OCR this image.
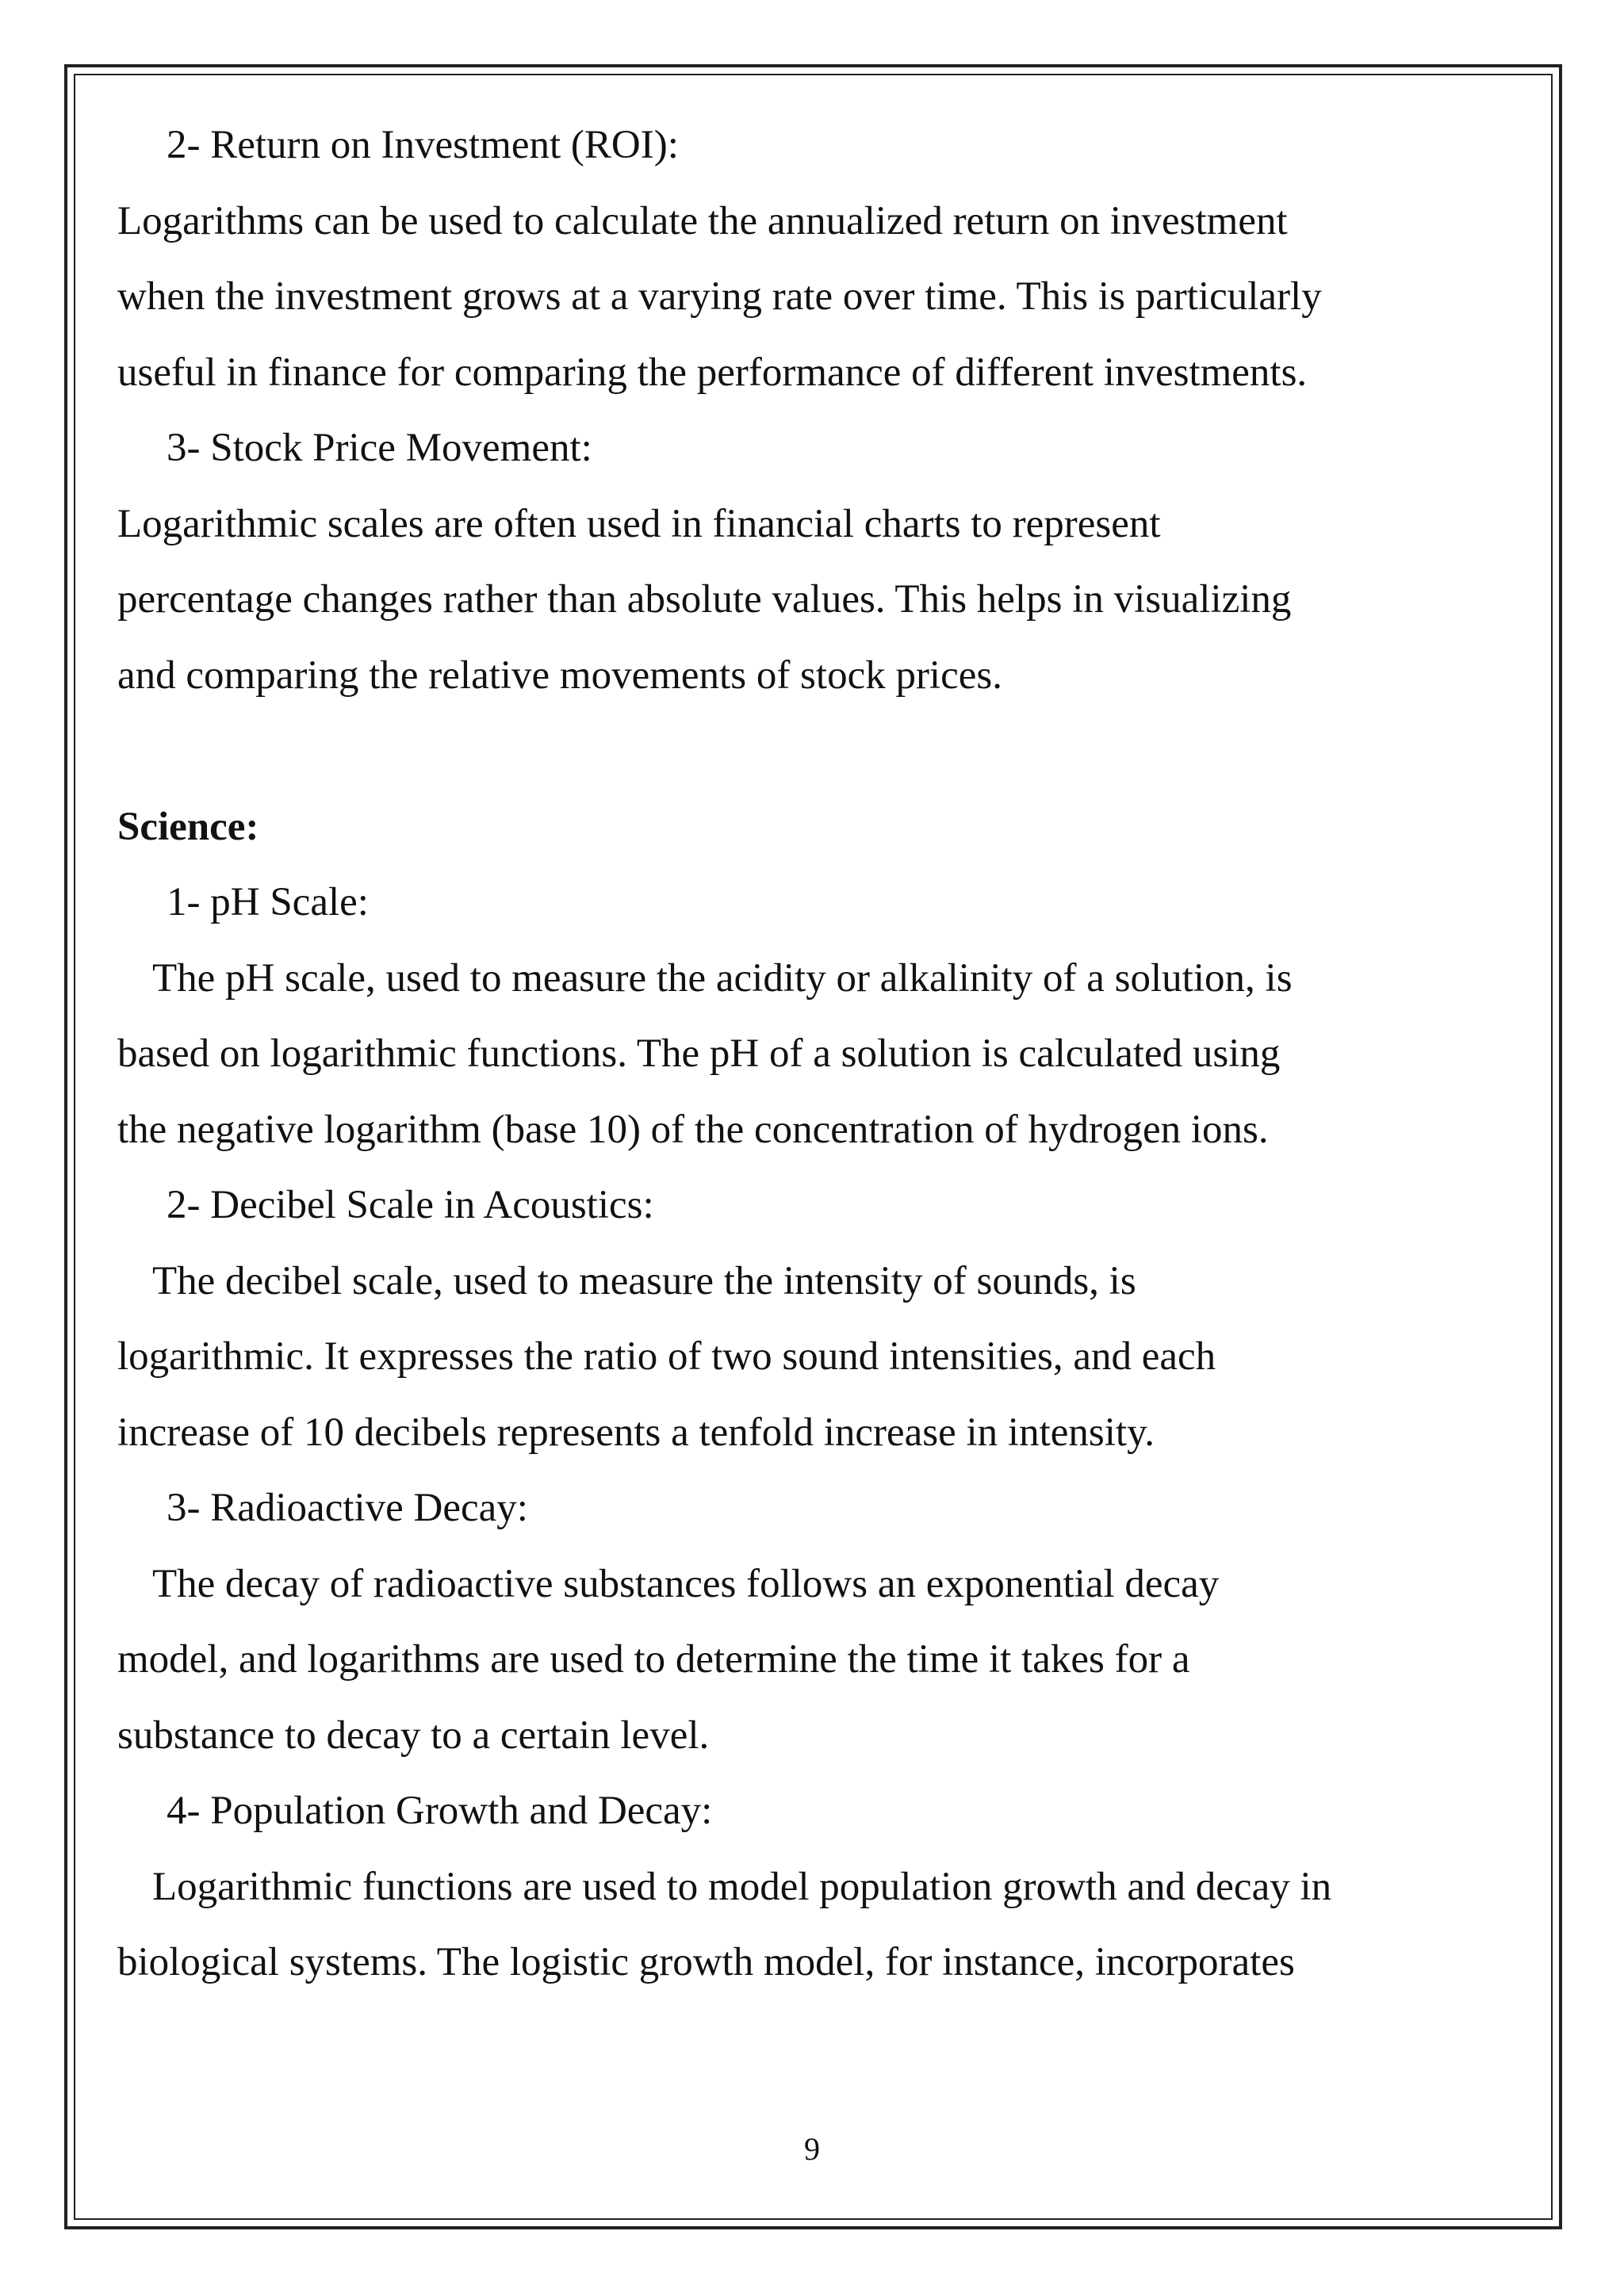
2- Return on Investment (ROI):
Logarithms can be used to calculate the annualized return on investment
when the investment grows at a varying rate over time. This is particularly
useful in finance for comparing the performance of different investments.
3- Stock Price Movement:
Logarithmic scales are often used in financial charts to represent
percentage changes rather than absolute values. This helps in visualizing
and comparing the relative movements of stock prices.
Science:
1- pH Scale:
The pH scale, used to measure the acidity or alkalinity of a solution, is
based on logarithmic functions. The pH of a solution is calculated using
the negative logarithm (base 10) of the concentration of hydrogen ions.
2- Decibel Scale in Acoustics:
The decibel scale, used to measure the intensity of sounds, is
logarithmic. It expresses the ratio of two sound intensities, and each
increase of 10 decibels represents a tenfold increase in intensity.
3- Radioactive Decay:
The decay of radioactive substances follows an exponential decay
model, and logarithms are used to determine the time it takes for a
substance to decay to a certain level.
4- Population Growth and Decay:
Logarithmic functions are used to model population growth and decay in
biological systems. The logistic growth model, for instance, incorporates
9
